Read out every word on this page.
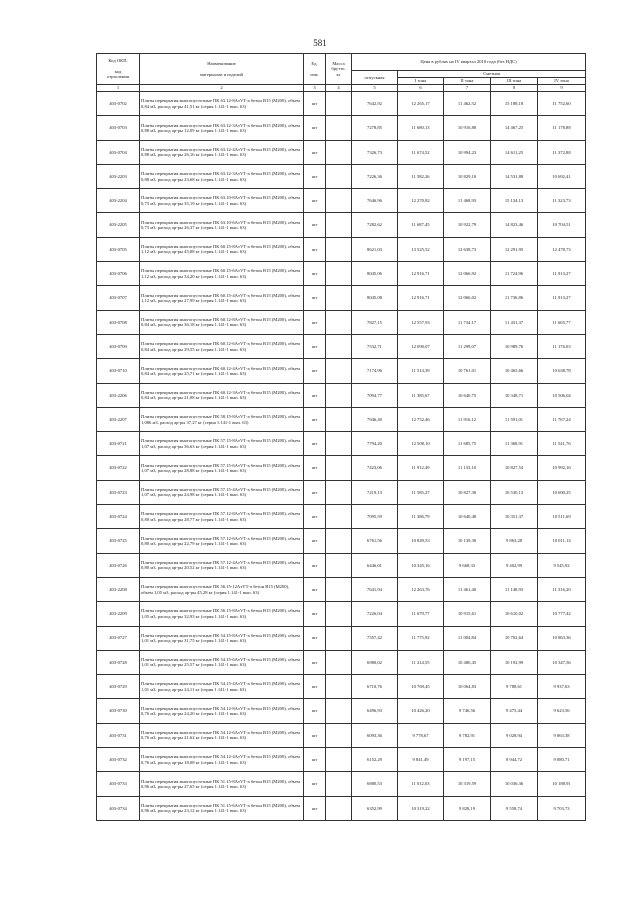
581
Код ОКП,

код
отрасления	Наименование

материалов и изделий	Ед.

изм.	Масса
брутто,
кг	Цена в рублях на IV квартал 2010 года (без НДС)				
				отпускная	Сметная			
					I зона	II зона	III зона	IV зона
1	2	3	4	5	6	7	8	9
403-0702	Плиты перекрытия многопустотные ПК 63.12-8AтVТ-а бетон B15 (M200), объем 0,84 м3, расход ар-ры 41,51 кг (серия 1.141-1 вып. 63)	шт		7642,92	12 265,17	11 462,52	15 188,18	11 752,60
403-0703	Плиты перекрытия многопустотные ПК 63.12-3AтVТ-а бетон B15 (M200), объем 0,88 м3, расход ар-ры 12,09 кг (серия 1.141-1 вып. 63)	шт		7278,85	11 680,13	10 916,88	14 467,25	11 178,88
403-0704	Плиты перекрытия многопустотные ПК 63.12-4AтVТ-а бетон B15 (M200), объем 0,88 м3, расход ар-ры 26,16 кг (серия 1.141-1 вып. 63)	шт		7326,73	11 674,52	10 994,23	14 611,25	11 372,88
403-2203	Плиты перекрытия многопустотные ПК 63.12-3AтVТ-а бетон B15 (M200), объем 0,88 м3, расход ар-ры 23,68 кг (серия 1.141-1 вып. 63)	шт		7226,36	11 582,26	10 829,10	14 531,88	10 692,41
403-2204	Плиты перекрытия многопустотные ПК 63.10-8AтVТ-а бетон B15 (M200), объем 0,73 м3, расход ар-ры 35,19 кг (серия 1.141-1 вып. 63)	шт		7646,96	12 270,82	11 468,93	15 134,13	11 323,73
403-2205	Плиты перекрытия многопустотные ПК 63.10-6AтVТ-а бетон B15 (M200), объем 0,73 м3, расход ар-ры 26,37 кг (серия 1.141-1 вып. 63)	шт		7282,62	11 687,45	10 922,79	14 823,46	10 704,51
403-0705	Плиты перекрытия многопустотные ПК 60.15-8AтVТ-а бетон B15 (M200), объем 1,12 м3, расход ар-ры 45,08 кг (серия 1.141-1 вып. 63)	шт		8621,03	13 525,52	12 638,73	12 291,95	12 478,73
403-0706	Плиты перекрытия многопустотные ПК 60.15-6AтVТ-а бетон B15 (M200), объем 1,12 м3, расход ар-ры 34,20 кг (серия 1.141-1 вып. 63)	шт		8045,06	12 916,71	12 066,92	11 724,96	11 913,27
403-0707	Плиты перекрытия многопустотные ПК 60.15-4AтVТ-а бетон B15 (M200), объем 1,12 м3, расход ар-ры 27,99 кг (серия 1.141-1 вып. 63)	шт		8045,08	12 916,71	12 066,02	11 736,86	11 913,27
403-0708	Плиты перекрытия многопустотные ПК 60.12-8AтVТ-а бетон B15 (M200), объем 0,84 м3, расход ар-ры 36,18 кг (серия 1.141-1 вып. 63)	шт		7827,15	12 557,93	11 734,17	11 431,37	11 605,77
403-0709	Плиты перекрытия многопустотные ПК 60.12-6AтVТ-а бетон B15 (M200), объем 0,84 м3, расход ар-ры 29,55 кг (серия 1.141-1 вып. 63)	шт		7532,71	12 090,07	11 299,07	10 989,76	11 176,03
403-0710	Плиты перекрытия многопустотные ПК 60.12-4AтVТ-а бетон B15 (M200), объем 0,84 м3, расход ар-ры 25,71 кг (серия 1.141-1 вып. 63)	шт		7174,96	11 514,39	10 761,01	10 465,66	10 638,78
403-2206	Плиты перекрытия многопустотные ПК 60.12-3AтVТ-а бетон B15 (M200), объем 0,84 м3, расход ар-ры 21,08 кг (серия 1.141-1 вып. 63)	шт		7094,77	11 385,67	10 640,75	10 348,71	10 506,04
403-2207	Плиты перекрытия многопустотные ПК 58.15-8AтVТ-а бетон B15 (M200), объем 1,086 м3, расход ар-ры 37,27 кг (серия 1.141-1 вып. 63)	шт		7946,40	12 752,46	11 916,12	11 591,01	11 767,24
403-0721	Плиты перекрытия многопустотные ПК 57.15-8AтVТ-а бетон B15 (M200), объем 1,07 м3, расход ар-ры 36,63 кг (серия 1.141-1 вып. 63)	шт		7794,20	12 508,10	11 685,75	11 368,91	11 541,76
403-0722	Плиты перекрытия многопустотные ПК 57.15-6AтVТ-а бетон B15 (M200), объем 1,07 м3, расход ар-ры 28,88 кг (серия 1.141-1 вып. 63)	шт		7423,06	11 912,49	11 133,10	10 827,54	10 992,16
403-0723	Плиты перекрытия многопустотные ПК 57.15-4AтVТ-а бетон B15 (M200), объем 1,07 м3, расход ар-ры 24,98 кг (серия 1.141-1 вып. 63)	шт		7219,13	11 585,27	10 827,30	10 530,13	10 690,25
403-0724	Плиты перекрытия многопустотные ПК 57.12-8AтVТ-а бетон B15 (M200), объем 0,80 м3, расход ар-ры 28,77 кг (серия 1.141-1 вып. 63)	шт		7095,59	11 386,79	10 640,48	10 351,37	10 511,69
403-0725	Плиты перекрытия многопустотные ПК 57.12-6AтVТ-а бетон B15 (M200), объем 0,80 м3, расход ар-ры 22,79 кг (серия 1.141-1 вып. 63)	шт		6761,56	10 849,53	10 139,30	9 863,28	10 011,14
403-0726	Плиты перекрытия многопустотные ПК 57.12-4AтVТ-а бетон B15 (M200), объем 0,80 м3, расход ар-ры 20,52 кг (серия 1.141-1 вып. 63)	шт		6446,01	10 345,16	9 668,33	9 402,99	9 545,92
403-2208	Плиты перекрытия многопустотные ПК 56.15-12AтVТ-а бетон B15 (M200), объем 1,05 м3, расход ар-ры 45,28 кг (серия 1.141-1 вып. 63)	шт		7641,94	12 263,76	11 461,40	11 148,93	11 316,20
403-2209	Плиты перекрытия многопустотные ПК 56.15-8AтVТ-а бетон B15 (M200), объем 1,05 м3, расход ар-ры 32,93 кг (серия 1.141-1 вып. 63)	шт		7226,04	11 679,77	10 915,61	10 610,02	10 777,42
403-0727	Плиты перекрытия многопустотные ПК 54.15-8AтVТ-а бетон B15 (M200), объем 1,01 м3, расход ар-ры 31,75 кг (серия 1.141-1 вып. 63)	шт		7357,42	11 775,92	11 004,84	10 702,64	10 863,36
403-0728	Плиты перекрытия многопустотные ПК 54.15-6AтVТ-а бетон B15 (M200), объем 1,01 м3, расход ар-ры 25,57 кг (серия 1.141-1 вып. 63)	шт		6980,02	11 214,55	10 480,45	10 192,99	10 347,56
403-0729	Плиты перекрытия многопустотные ПК 54.15-4AтVТ-а бетон B15 (M200), объем 1,01 м3, расход ар-ры 24,11 кг (серия 1.141-1 вып. 63)	шт		6710,76	10 769,45	10 064,83	9 788,61	9 937,63
403-0730	Плиты перекрытия многопустотные ПК 54.12-8AтVТ-а бетон B15 (M200), объем 0,76 м3, расход ар-ры 24,20 кг (серия 1.141-1 вып. 63)	шт		6496,93	10 426,20	9 746,56	9 475,44	9 623,56
403-0731	Плиты перекрытия многопустотные ПК 54.12-6AтVТ-а бетон B15 (M200), объем 0,76 м3, расход ар-ры 21,62 кг (серия 1.141-1 вып. 63)	шт		6093,36	9 778,67	9 782,91	9 028,94	9 063,38
403-0732	Плиты перекрытия многопустотные ПК 54.12-4AтVТ-а бетон B15 (M200), объем 0,76 м3, расход ар-ры 18,08 кг (серия 1.141-1 вып. 63)	шт		6152,29	9 841,49	9 197,15	8 944,72	9 080,71
403-0733	Плиты перекрытия многопустотные ПК 51.15-8AтVТ-а бетон B15 (M200), объем 0,96 м3, расход ар-ры 27,65 кг (серия 1.141-1 вып. 63)	шт		6880,53	11 012,03	10 319,59	10 036,36	10 188,91
403-0734	Плиты перекрытия многопустотные ПК 51.15-6AтVТ-а бетон B15 (M200), объем 0,96 м3, расход ар-ры 23,12 кг (серия 1.141-1 вып. 63)	шт		6352,99	10 319,22	9 828,19	9 558,74	9 703,73
